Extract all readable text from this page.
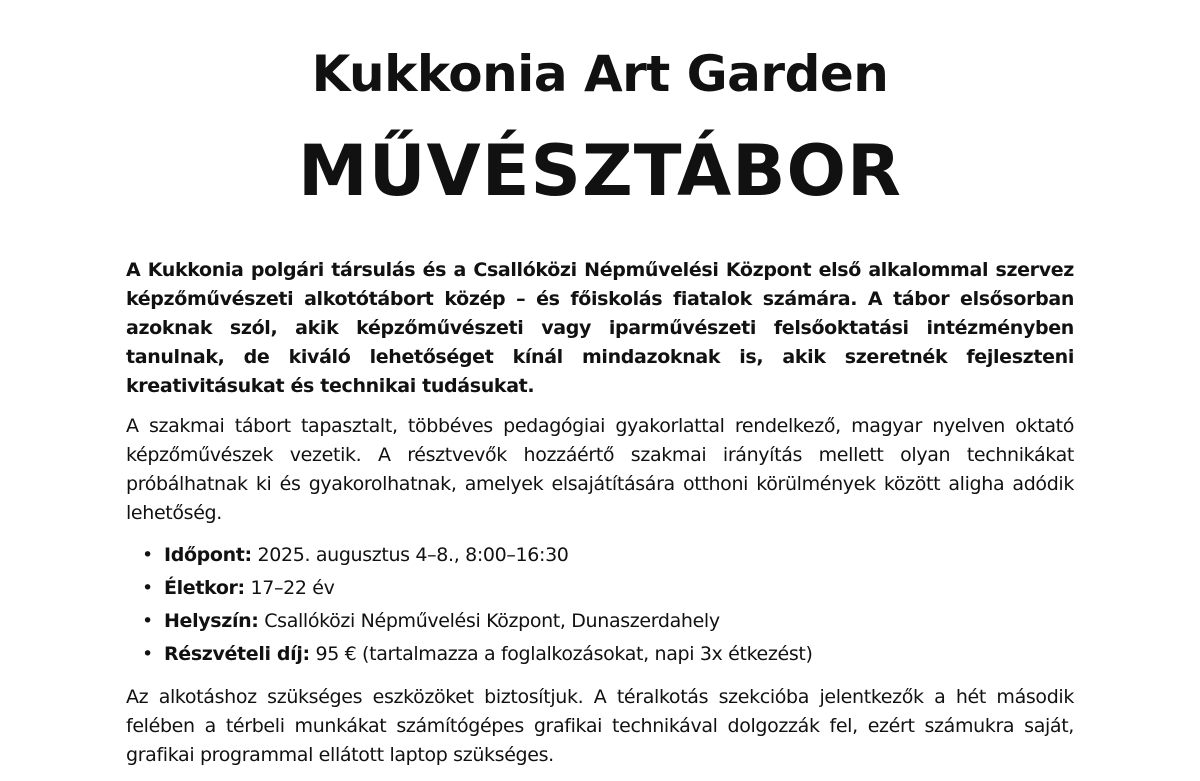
Kukkonia Art Garden
MŰVÉSZTÁBOR

A Kukkonia polgári társulás és a Csallóközi Népművelési Központ első alkalommal szervez képzőművészeti alkotótábort közép – és főiskolás fiatalok számára. A tábor elsősorban azoknak szól, akik képzőművészeti vagy iparművészeti felsőoktatási intézményben tanulnak, de kiváló lehetőséget kínál mindazoknak is, akik szeretnék fejleszteni kreativitásukat és technikai tudásukat.

A szakmai tábort tapasztalt, többéves pedagógiai gyakorlattal rendelkező, magyar nyelven oktató képzőművészek vezetik. A résztvevők hozzáértő szakmai irányítás mellett olyan technikákat próbálhatnak ki és gyakorolhatnak, amelyek elsajátítására otthoni körülmények között aligha adódik lehetőség.

• Időpont: 2025. augusztus 4–8., 8:00–16:30
• Életkor: 17–22 év
• Helyszín: Csallóközi Népművelési Központ, Dunaszerdahely
• Részvételi díj: 95 € (tartalmazza a foglalkozásokat, napi 3x étkezést)

Az alkotáshoz szükséges eszközöket biztosítjuk. A téralkotás szekcióba jelentkezők a hét második felében a térbeli munkákat számítógépes grafikai technikával dolgozzák fel, ezért számukra saját, grafikai programmal ellátott laptop szükséges.
